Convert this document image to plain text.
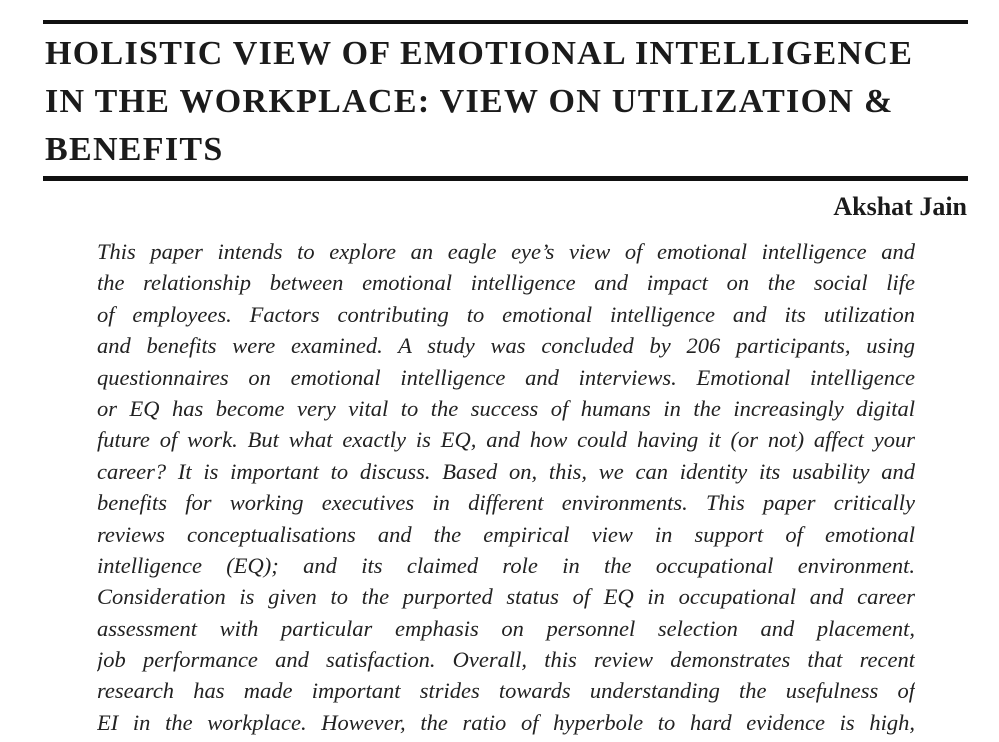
HOLISTIC VIEW OF EMOTIONAL INTELLIGENCE
IN THE WORKPLACE: VIEW ON UTILIZATION &
BENEFITS
Akshat Jain

This paper intends to explore an eagle eye’s view of emotional intelligence and
the relationship between emotional intelligence and impact on the social life
of employees. Factors contributing to emotional intelligence and its utilization
and benefits were examined. A study was concluded by 206 participants, using
questionnaires on emotional intelligence and interviews. Emotional intelligence
or EQ has become very vital to the success of humans in the increasingly digital
future of work. But what exactly is EQ, and how could having it (or not) affect your
career? It is important to discuss. Based on, this, we can identity its usability and
benefits for working executives in different environments. This paper critically
reviews conceptualisations and the empirical view in support of emotional
intelligence (EQ); and its claimed role in the occupational environment.
Consideration is given to the purported status of EQ in occupational and career
assessment with particular emphasis on personnel selection and placement,
job performance and satisfaction. Overall, this review demonstrates that recent
research has made important strides towards understanding the usefulness of
EI in the workplace. However, the ratio of hyperbole to hard evidence is high,
